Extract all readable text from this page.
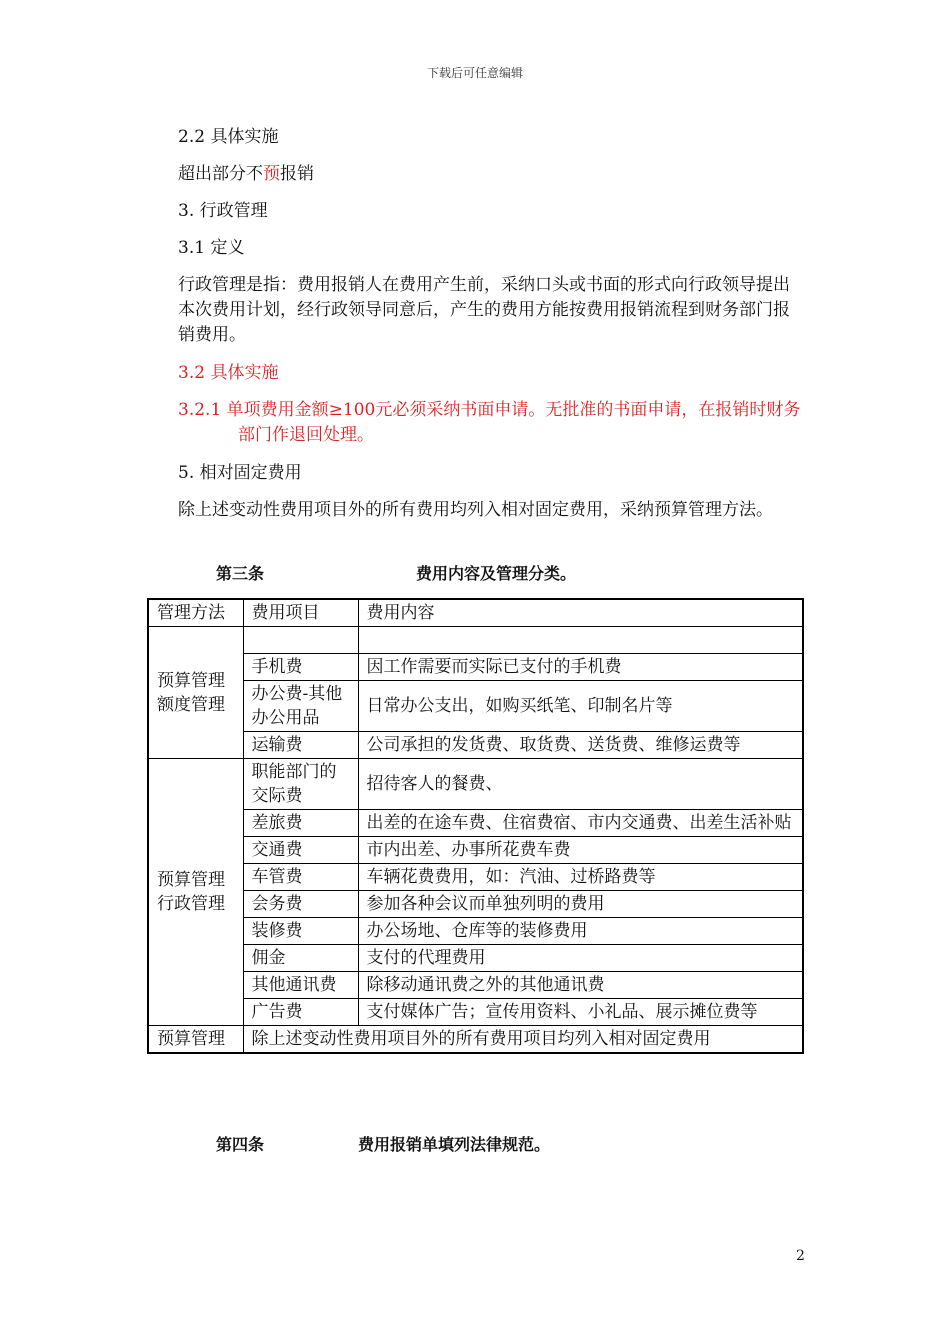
下载后可任意编辑
2.2 具体实施
超出部分不预报销
3. 行政管理
3.1 定义
行政管理是指：费用报销人在费用产生前，采纳口头或书面的形式向行政领导提出本次费用计划，经行政领导同意后，产生的费用方能按费用报销流程到财务部门报销费用。
3.2 具体实施
3.2.1 单项费用金额≥100元必须采纳书面申请。无批准的书面申请，在报销时财务部门作退回处理。
5. 相对固定费用
除上述变动性费用项目外的所有费用均列入相对固定费用，采纳预算管理方法。
第三条	费用内容及管理分类。
管理方法	费用项目	费用内容
预算管理额度管理		
	手机费	因工作需要而实际已支付的手机费
	办公费-其他办公用品	日常办公支出，如购买纸笔、印制名片等
	运输费	公司承担的发货费、取货费、送货费、维修运费等
预算管理行政管理	职能部门的交际费	招待客人的餐费、
	差旅费	出差的在途车费、住宿费宿、市内交通费、出差生活补贴
	交通费	市内出差、办事所花费车费
	车管费	车辆花费费用，如：汽油、过桥路费等
	会务费	参加各种会议而单独列明的费用
	装修费	办公场地、仓库等的装修费用
	佣金	支付的代理费用
	其他通讯费	除移动通讯费之外的其他通讯费
	广告费	支付媒体广告；宣传用资料、小礼品、展示摊位费等
预算管理	除上述变动性费用项目外的所有费用项目均列入相对固定费用	
第四条	费用报销单填列法律规范。
2
